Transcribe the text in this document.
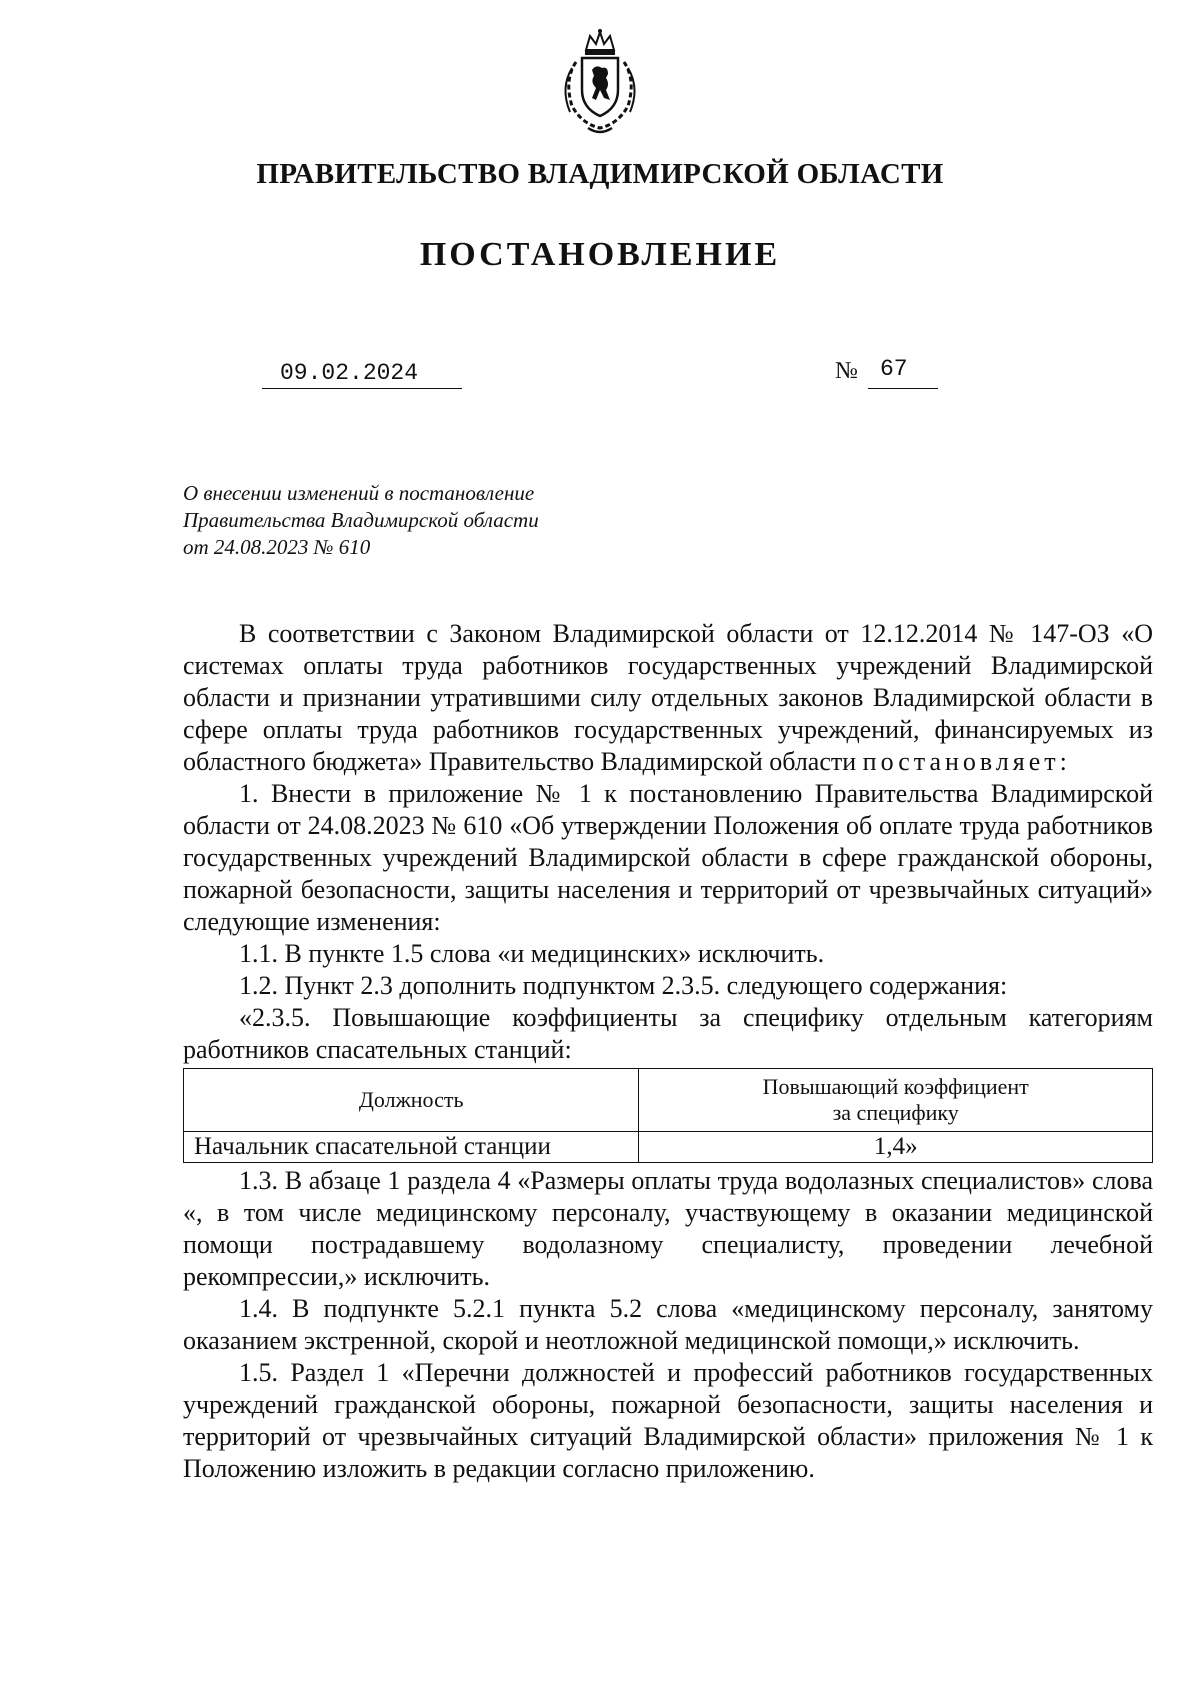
ПРАВИТЕЛЬСТВО ВЛАДИМИРСКОЙ ОБЛАСТИ
ПОСТАНОВЛЕНИЕ
09.02.2024	№ 67
О внесении изменений в постановление
Правительства Владимирской области
от 24.08.2023 № 610

В соответствии с Законом Владимирской области от 12.12.2014 № 147-ОЗ «О системах оплаты труда работников государственных учреждений Владимирской области и признании утратившими силу отдельных законов Владимирской области в сфере оплаты труда работников государственных учреждений, финансируемых из областного бюджета» Правительство Владимирской области постановляет:

1. Внести в приложение № 1 к постановлению Правительства Владимирской области от 24.08.2023 № 610 «Об утверждении Положения об оплате труда работников государственных учреждений Владимирской области в сфере гражданской обороны, пожарной безопасности, защиты населения и территорий от чрезвычайных ситуаций» следующие изменения:

1.1. В пункте 1.5 слова «и медицинских» исключить.

1.2. Пункт 2.3 дополнить подпунктом 2.3.5. следующего содержания:

«2.3.5. Повышающие коэффициенты за специфику отдельным категориям работников спасательных станций:

Должность	Повышающий коэффициент
за специфику
Начальник спасательной станции	1,4»

1.3. В абзаце 1 раздела 4 «Размеры оплаты труда водолазных специалистов» слова «, в том числе медицинскому персоналу, участвующему в оказании медицинской помощи пострадавшему водолазному специалисту, проведении лечебной рекомпрессии,» исключить.

1.4. В подпункте 5.2.1 пункта 5.2 слова «медицинскому персоналу, занятому оказанием экстренной, скорой и неотложной медицинской помощи,» исключить.

1.5. Раздел 1 «Перечни должностей и профессий работников государственных учреждений гражданской обороны, пожарной безопасности, защиты населения и территорий от чрезвычайных ситуаций Владимирской области» приложения № 1 к Положению изложить в редакции согласно приложению.
